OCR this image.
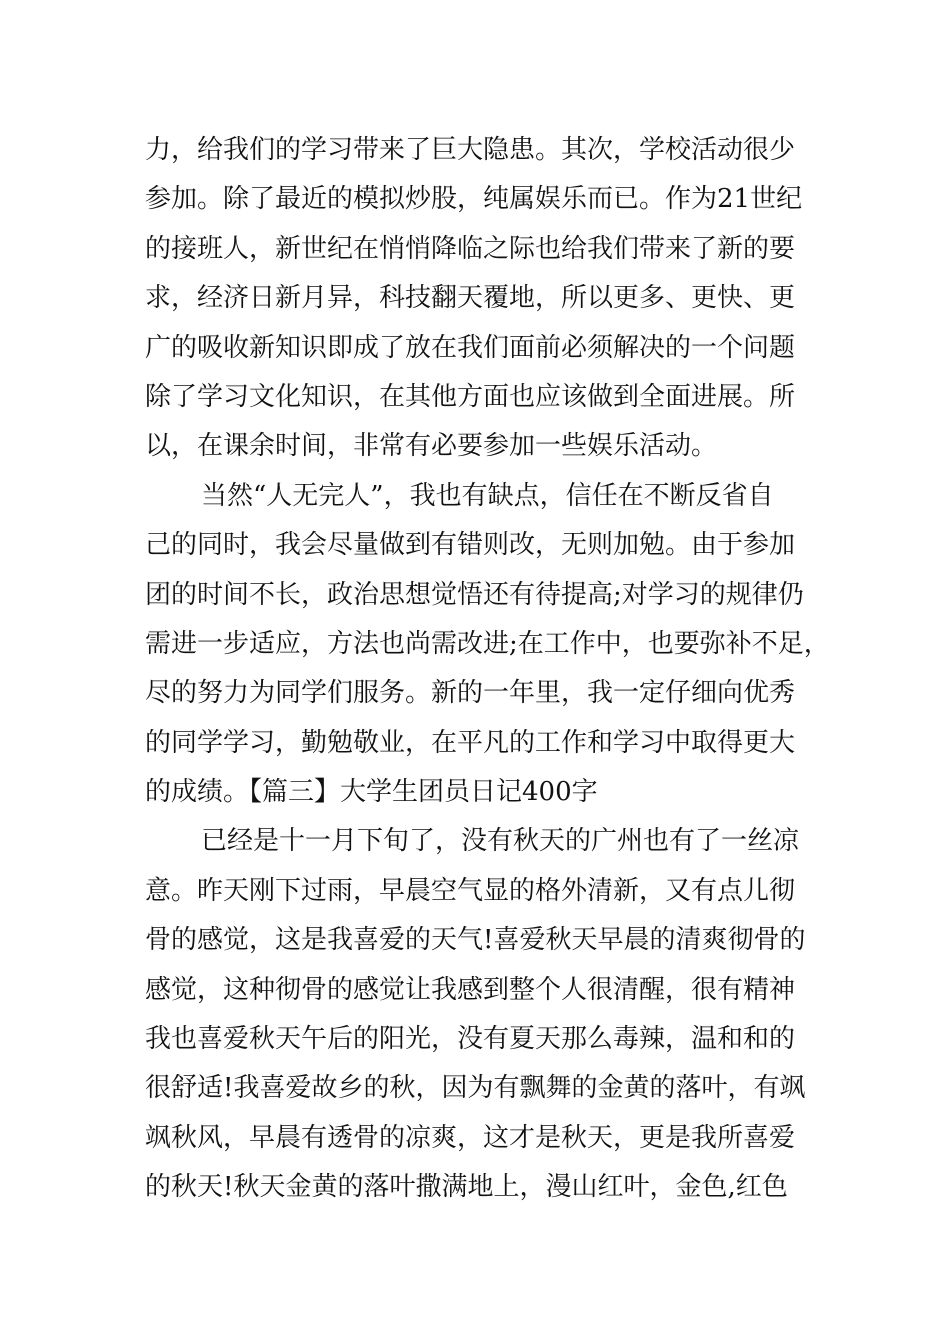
力，给我们的学习带来了巨大隐患。其次，学校活动很少
参加。除了最近的模拟炒股，纯属娱乐而已。作为21世纪
的接班人，新世纪在悄悄降临之际也给我们带来了新的要
求，经济日新月异，科技翻天覆地，所以更多、更快、更
广的吸收新知识即成了放在我们面前必须解决的一个问题
除了学习文化知识，在其他方面也应该做到全面进展。所
以，在课余时间，非常有必要参加一些娱乐活动。
当然“人无完人”，我也有缺点，信任在不断反省自
己的同时，我会尽量做到有错则改，无则加勉。由于参加
团的时间不长，政治思想觉悟还有待提高;对学习的规律仍
需进一步适应，方法也尚需改进;在工作中，也要弥补不足，
尽的努力为同学们服务。新的一年里，我一定仔细向优秀
的同学学习，勤勉敬业，在平凡的工作和学习中取得更大
的成绩。【篇三】大学生团员日记400字
已经是十一月下旬了，没有秋天的广州也有了一丝凉
意。昨天刚下过雨，早晨空气显的格外清新，又有点儿彻
骨的感觉，这是我喜爱的天气!喜爱秋天早晨的清爽彻骨的
感觉，这种彻骨的感觉让我感到整个人很清醒，很有精神
我也喜爱秋天午后的阳光，没有夏天那么毒辣，温和和的
很舒适!我喜爱故乡的秋，因为有飘舞的金黄的落叶，有飒
飒秋风，早晨有透骨的凉爽，这才是秋天，更是我所喜爱
的秋天!秋天金黄的落叶撒满地上，漫山红叶，金色,红色
